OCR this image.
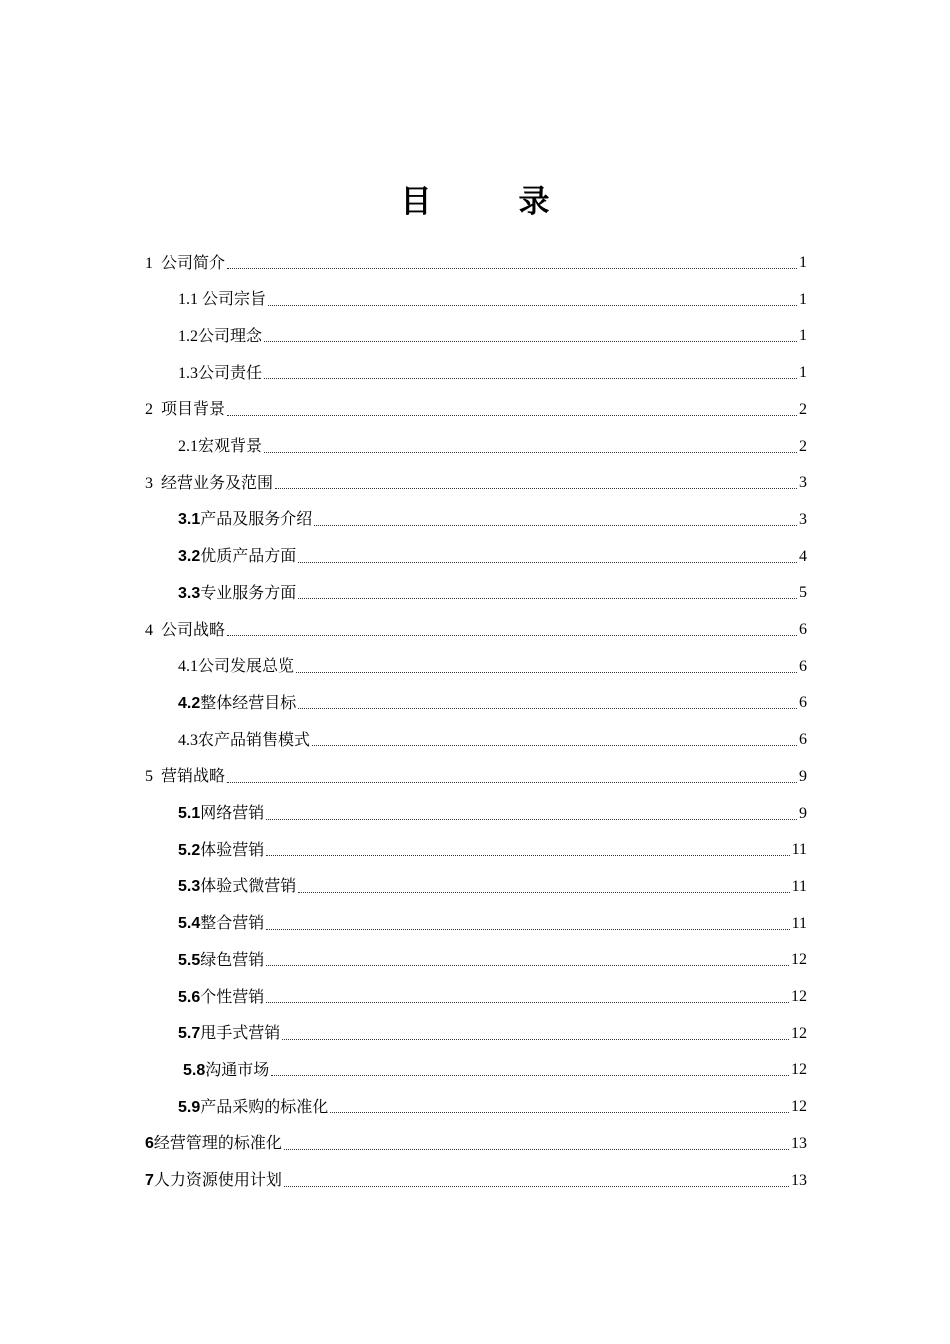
目　录
1 公司简介	1
1.1 公司宗旨	1
1.2公司理念	1
1.3公司责任	1
2 项目背景	2
2.1宏观背景	2
3 经营业务及范围	3
3.1产品及服务介绍	3
3.2优质产品方面	4
3.3专业服务方面	5
4 公司战略	6
4.1公司发展总览	6
4.2整体经营目标	6
4.3农产品销售模式	6
5 营销战略	9
5.1网络营销	9
5.2体验营销	11
5.3体验式微营销	11
5.4整合营销	11
5.5绿色营销	12
5.6个性营销	12
5.7甩手式营销	12
5.8沟通市场	12
5.9产品采购的标准化	12
6经营管理的标准化	13
7人力资源使用计划	13
